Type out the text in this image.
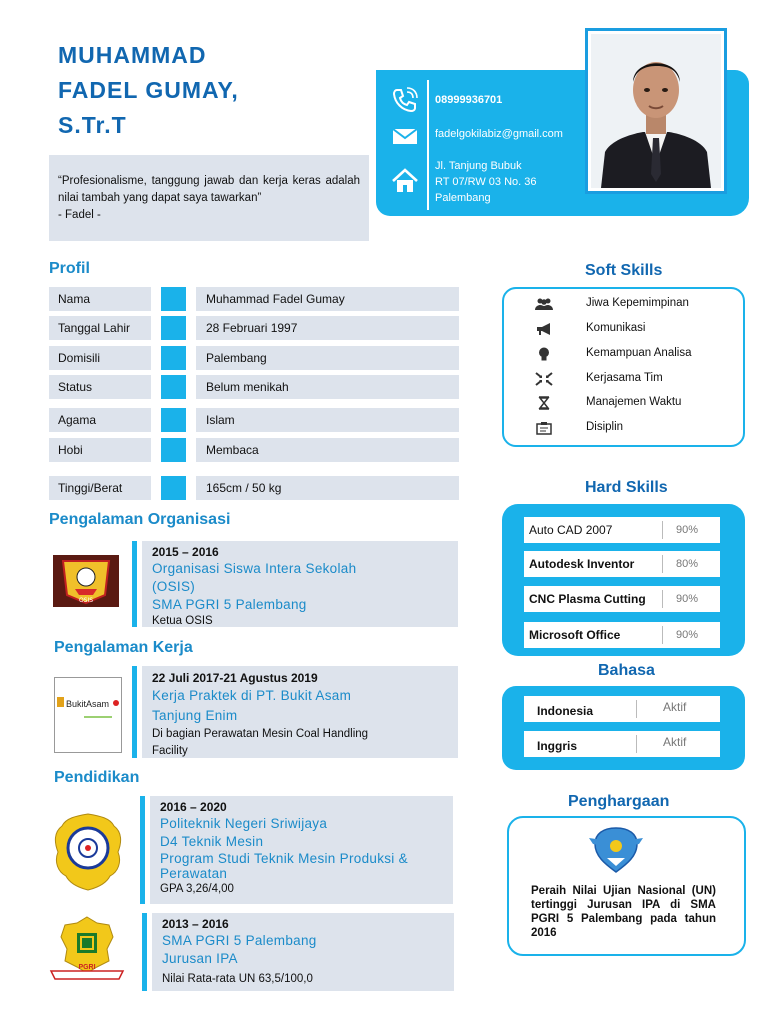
MUHAMMAD
FADEL GUMAY,
S.Tr.T
“Profesionalisme, tanggung jawab dan kerja keras adalah nilai tambah yang dapat saya tawarkan”
- Fadel -
08999936701
fadelgokilabiz@gmail.com
Jl. Tanjung Bubuk
RT 07/RW 03 No. 36
Palembang
Profil
Nama	Muhammad Fadel Gumay
Tanggal Lahir	28 Februari 1997
Domisili	Palembang
Status	Belum menikah
Agama	Islam
Hobi	Membaca
Tinggi/Berat	165cm / 50 kg
Pengalaman Organisasi
OSIS
2015 – 2016
Organisasi Siswa Intera Sekolah
(OSIS)
SMA PGRI 5 Palembang
Ketua OSIS
Pengalaman Kerja
BukitAsam
22 Juli 2017-21 Agustus 2019
Kerja Praktek di PT. Bukit Asam
Tanjung Enim
Di bagian Perawatan Mesin Coal Handling
Facility
Pendidikan
2016 – 2020
Politeknik Negeri Sriwijaya
D4 Teknik Mesin
Program Studi Teknik Mesin Produksi &
Perawatan
GPA 3,26/4,00
PGRI
2013 – 2016
SMA PGRI 5 Palembang
Jurusan IPA
Nilai Rata-rata UN 63,5/100,0
Soft Skills
Jiwa Kepemimpinan
Komunikasi
Kemampuan Analisa
Kerjasama Tim
Manajemen Waktu
Disiplin
Hard Skills
Auto CAD 2007	90%
Autodesk Inventor	80%
CNC Plasma Cutting	90%
Microsoft Office	90%
Bahasa
Indonesia	Aktif
Inggris	Aktif
Penghargaan
Peraih Nilai Ujian Nasional (UN) tertinggi Jurusan IPA di SMA PGRI 5 Palembang pada tahun 2016
